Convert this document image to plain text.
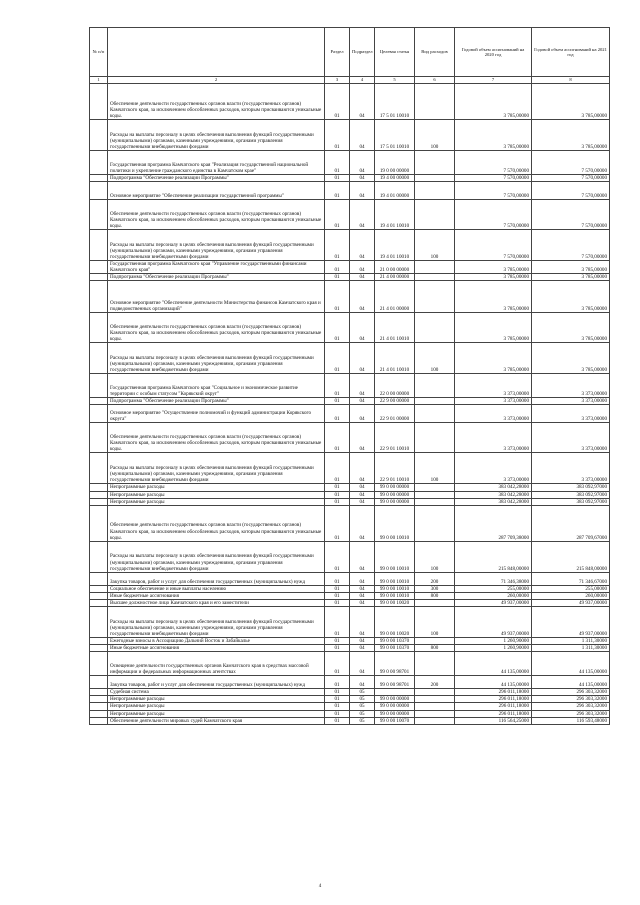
№ п/п		Раздел	Подраздел	Целевая статья	Вид расходов	Годовой объем ассигнований на 2020 год	Годовой объем ассигнований на 2021 год
1	2	3	4	5	6	7	8
	Обеспечение деятельности государственных органов власти (государственных органов) Камчатского края, за исключением обособленных расходов, которым присваиваются уникальные коды.	01	04	17 5 01 10010		3 785,00000	3 785,00000
	Расходы на выплаты персоналу в целях обеспечения выполнения функций государственными (муниципальными) органами, казенными учреждениями, органами управления государственными внебюджетными фондами	01	04	17 5 01 10010	100	3 785,00000	3 785,00000
	Государственная программа Камчатского края "Реализация государственной национальной политики и укрепление гражданского единства в Камчатском крае"	01	04	19 0 00 00000		7 570,00000	7 570,00000
	Подпрограмма "Обеспечение реализации Программы"	01	04	19 4 00 00000		7 570,00000	7 570,00000
	Основное мероприятие "Обеспечение реализации государственной программы"	01	04	19 4 01 00000		7 570,00000	7 570,00000
	Обеспечение деятельности государственных органов власти (государственных органов) Камчатского края, за исключением обособленных расходов, которым присваиваются уникальные коды.	01	04	19 4 01 10010		7 570,00000	7 570,00000
	Расходы на выплаты персоналу в целях обеспечения выполнения функций государственными (муниципальными) органами, казенными учреждениями, органами управления государственными внебюджетными фондами	01	04	19 4 01 10010	100	7 570,00000	7 570,00000
	Государственная программа Камчатского края "Управление государственными финансами Камчатского края"	01	04	21 0 00 00000		3 785,00000	3 785,00000
	Подпрограмма "Обеспечение реализации Программы"	01	04	21 4 00 00000		3 785,00000	3 785,00000
	Основное мероприятие "Обеспечение деятельности Министерства финансов Камчатского края и подведомственных организаций"	01	04	21 4 01 00000		3 785,00000	3 785,00000
	Обеспечение деятельности государственных органов власти (государственных органов) Камчатского края, за исключением обособленных расходов, которым присваиваются уникальные коды.	01	04	21 4 01 10010		3 785,00000	3 785,00000
	Расходы на выплаты персоналу в целях обеспечения выполнения функций государственными (муниципальными) органами, казенными учреждениями, органами управления государственными внебюджетными фондами	01	04	21 4 01 10010	100	3 785,00000	3 785,00000
	Государственная программа Камчатского края "Социальное и экономическое развитие территории с особым статусом "Корякский округ"	01	04	22 0 00 00000		3 373,00000	3 373,00000
	Подпрограмма "Обеспечение реализации Программы"	01	04	22 9 00 00000		3 373,00000	3 373,00000
	Основное мероприятие "Осуществление полномочий и функций администрации Корякского округа"	01	04	22 9 01 00000		3 373,00000	3 373,00000
	Обеспечение деятельности государственных органов власти (государственных органов) Камчатского края, за исключением обособленных расходов, которым присваиваются уникальные коды.	01	04	22 9 01 10010		3 373,00000	3 373,00000
	Расходы на выплаты персоналу в целях обеспечения выполнения функций государственными (муниципальными) органами, казенными учреждениями, органами управления государственными внебюджетными фондами	01	04	22 9 01 10010	100	3 373,00000	3 373,00000
	Непрограммные расходы	01	04	99 0 00 00000		383 042,28000	383 092,97000
	Непрограммные расходы	01	04	99 0 00 00000		383 042,28000	383 092,97000
	Непрограммные расходы	01	04	99 0 00 00000		383 042,28000	383 092,97000
	Обеспечение деятельности государственных органов власти (государственных органов) Камчатского края, за исключением обособленных расходов, которым присваиваются уникальные коды.	01	04	99 0 00 10010		287 709,38000	287 709,67000
	Расходы на выплаты персоналу в целях обеспечения выполнения функций государственными (муниципальными) органами, казенными учреждениями, органами управления государственными внебюджетными фондами	01	04	99 0 00 10010	100	215 848,00000	215 848,00000
	Закупка товаров, работ и услуг для обеспечения государственных (муниципальных) нужд	01	04	99 0 00 10010	200	71 346,38000	71 346,67000
	Социальное обеспечение и иные выплаты населению	01	04	99 0 00 10010	300	255,00000	255,00000
	Иные бюджетные ассигнования	01	04	99 0 00 10010	800	260,00000	260,00000
	Высшее должностное лицо Камчатского края и его заместители	01	04	99 0 00 10020		49 937,00000	49 937,00000
	Расходы на выплаты персоналу в целях обеспечения выполнения функций государственными (муниципальными) органами, казенными учреждениями, органами управления государственными внебюджетными фондами	01	04	99 0 00 10020	100	49 937,00000	49 937,00000
	Ежегодные взносы в Ассоциацию Дальний Восток и Забайкалье	01	04	99 0 00 10370		1 260,90000	1 311,30000
	Иные бюджетные ассигнования	01	04	99 0 00 10370	800	1 260,90000	1 311,30000
	Освещение деятельности государственных органов Камчатского края в средствах массовой информации и федеральных информационных агентствах	01	04	99 0 00 98701		44 135,00000	44 135,00000
	Закупка товаров, работ и услуг для обеспечения государственных (муниципальных) нужд	01	04	99 0 00 98701	200	44 135,00000	44 135,00000
	Судебная система	01	05			296 011,18000	296 303,32000
	Непрограммные расходы	01	05	99 0 00 00000		296 011,18000	296 303,32000
	Непрограммные расходы	01	05	99 0 00 00000		296 011,18000	296 303,32000
	Непрограммные расходы	01	05	99 0 00 00000		296 011,18000	296 303,32000
	Обеспечение деятельности мировых судей Камчатского края	01	05	99 0 00 10070		116 564,25000	116 593,48000
4
